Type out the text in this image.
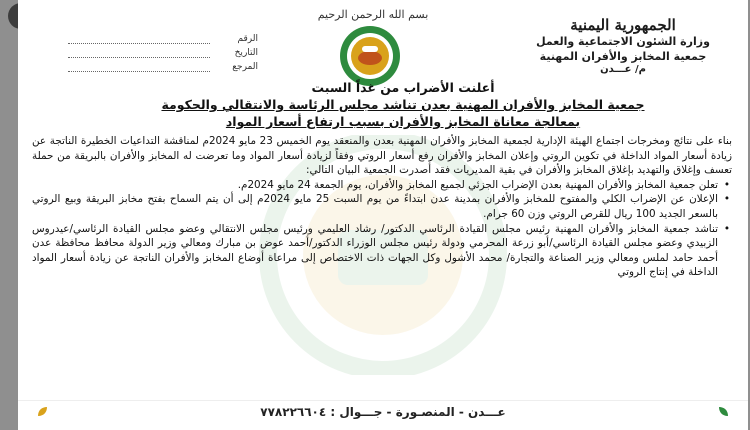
بسم الله الرحمن الرحيم
الجمهورية اليمنية
وزارة الشئون الاجتماعية والعمل
جمعية المخابز والأفران المهنية
م/ عـــدن
الرقم
التاريخ
المرجع
أعلنت الأضراب من غداً السبت
جمعية المخابز والأفران المهنية بعدن تناشد مجلس الرئاسة والانتقالي والحكومة
بمعالجة معاناة المخابز والأفران بسبب ارتفاع أسعار المواد

بناء على نتائج ومخرجات اجتماع الهيئة الإدارية لجمعية المخابز والأفران المهنية بعدن والمنعقد يوم الخميس 23 مايو 2024م لمناقشة التداعيات الخطيرة الناتجة عن زيادة أسعار المواد الداخلة في تكوين الروتي وإعلان المخابز والأفران رفع أسعار الروتي وفقاً لزيادة أسعار المواد وما تعرضت له المخابز والأفران بالبريقة من حملة تعسف وإغلاق والتهديد بإغلاق المخابز والأفران في بقية المديريات فقد أصدرت الجمعية البيان التالي:

• تعلن جمعية المخابز والأفران المهنية بعدن الإضراب الجزئي لجميع المخابز والأفران، يوم الجمعة 24 مايو 2024م.

• الإعلان عن الإضراب الكلي والمفتوح للمخابز والأفران بمدينة عدن ابتداءً من يوم السبت 25 مايو 2024م إلى أن يتم السماح بفتح مخابز البريقة وبيع الروتي بالسعر الجديد 100 ريال للقرص الروتي وزن 60 جرام.

• تناشد جمعية المخابز والأفران المهنية رئيس مجلس القيادة الرئاسي الدكتور/ رشاد العليمي ورئيس مجلس الانتقالي وعضو مجلس القيادة الرئاسي/عيدروس الزبيدي وعضو مجلس القيادة الرئاسي/أبو زرعة المحرمي ودولة رئيس مجلس الوزراء الدكتور/أحمد عوض بن مبارك ومعالي وزير الدولة محافظ محافظة عدن أحمد حامد لملس ومعالي وزير الصناعة والتجارة/ محمد الأشول وكل الجهات ذات الاختصاص إلى مراعاة أوضاع المخابز والأفران الناتجة عن زيادة أسعار المواد الداخلة في إنتاج الروتي

عـــدن - المنصـورة - جـــوال : ٧٧٨٢٢٦٦٠٤
